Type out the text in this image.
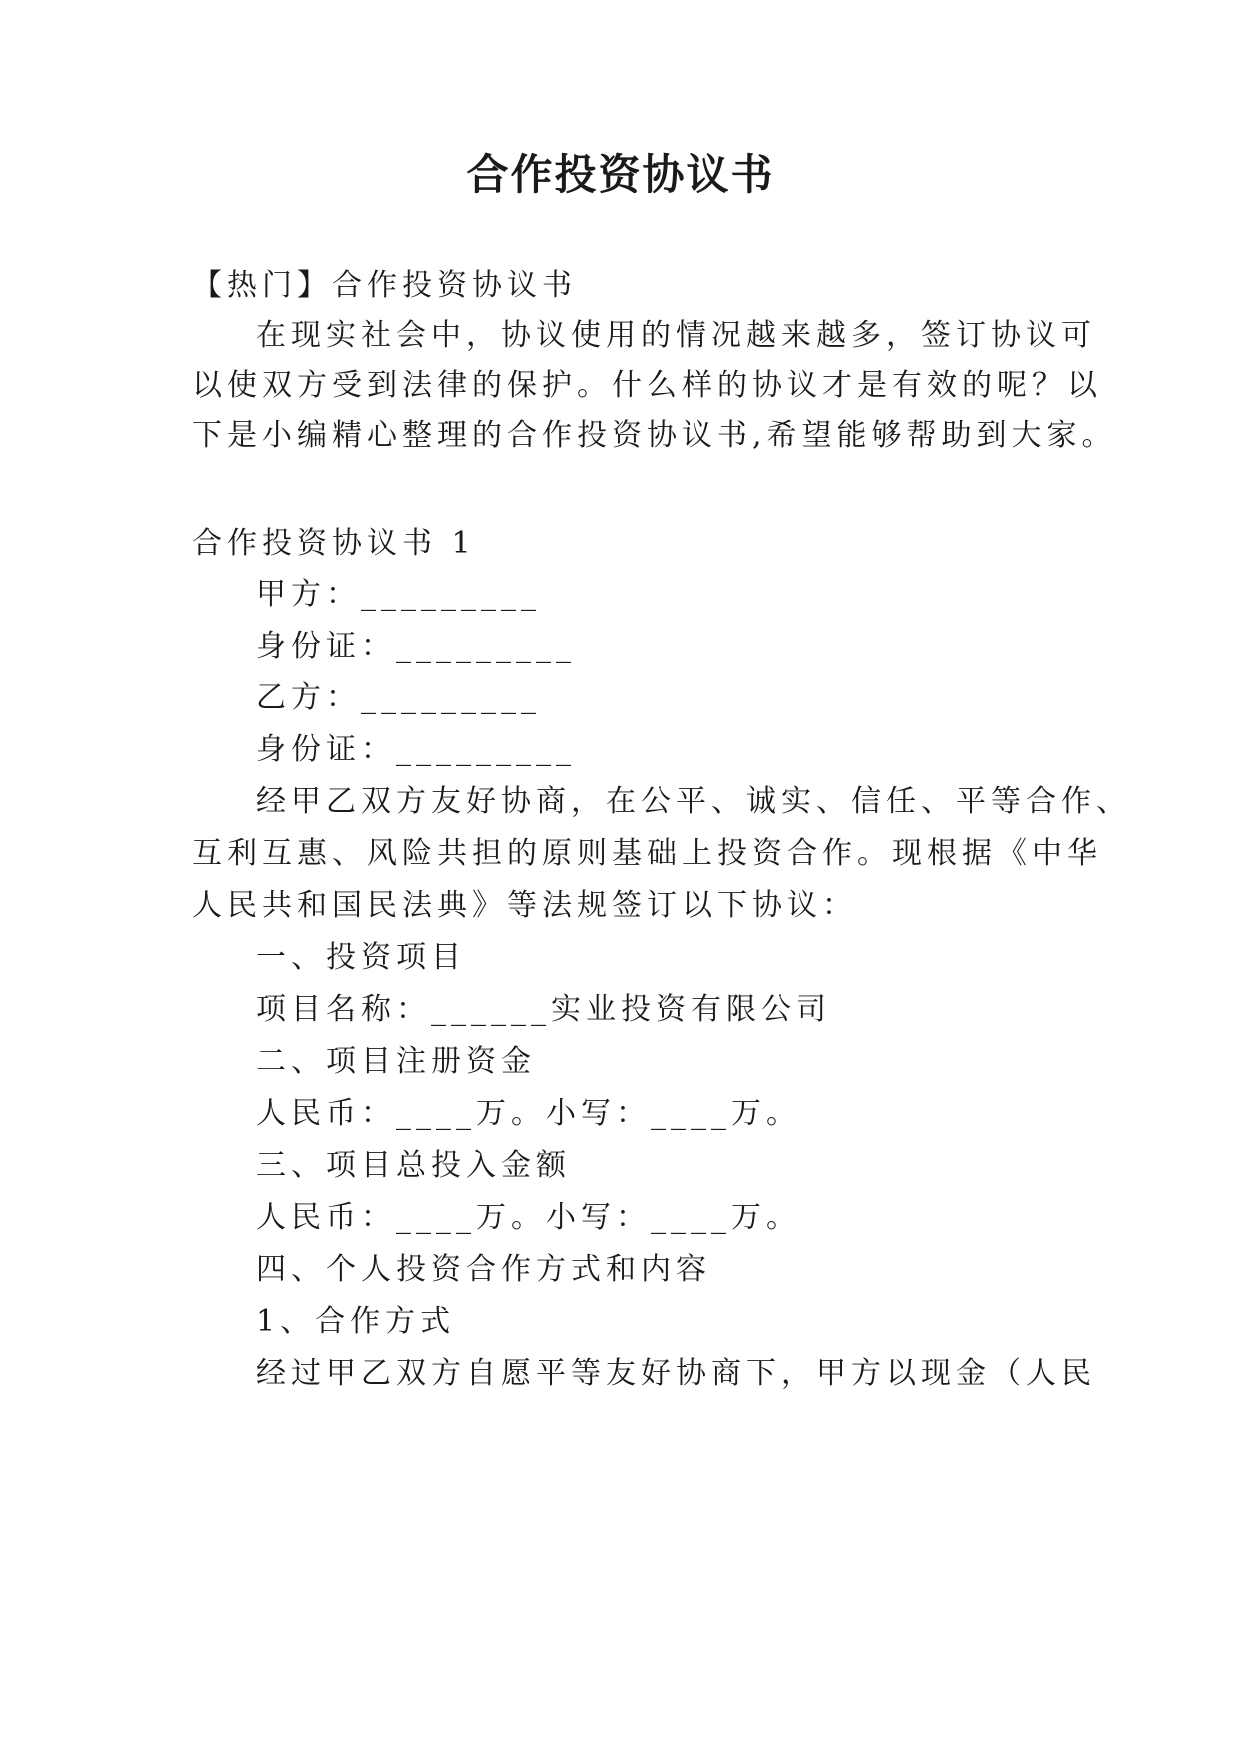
合作投资协议书
【热门】合作投资协议书
在现实社会中，协议使用的情况越来越多，签订协议可
以使双方受到法律的保护。什么样的协议才是有效的呢？以
下是小编精心整理的合作投资协议书,希望能够帮助到大家。
合作投资协议书 1
甲方：_________
身份证：_________
乙方：_________
身份证：_________
经甲乙双方友好协商，在公平、诚实、信任、平等合作、
互利互惠、风险共担的原则基础上投资合作。现根据《中华
人民共和国民法典》等法规签订以下协议：
一、投资项目
项目名称：______实业投资有限公司
二、项目注册资金
人民币：____万。小写：____万。
三、项目总投入金额
人民币：____万。小写：____万。
四、个人投资合作方式和内容
1、合作方式
经过甲乙双方自愿平等友好协商下，甲方以现金（人民
